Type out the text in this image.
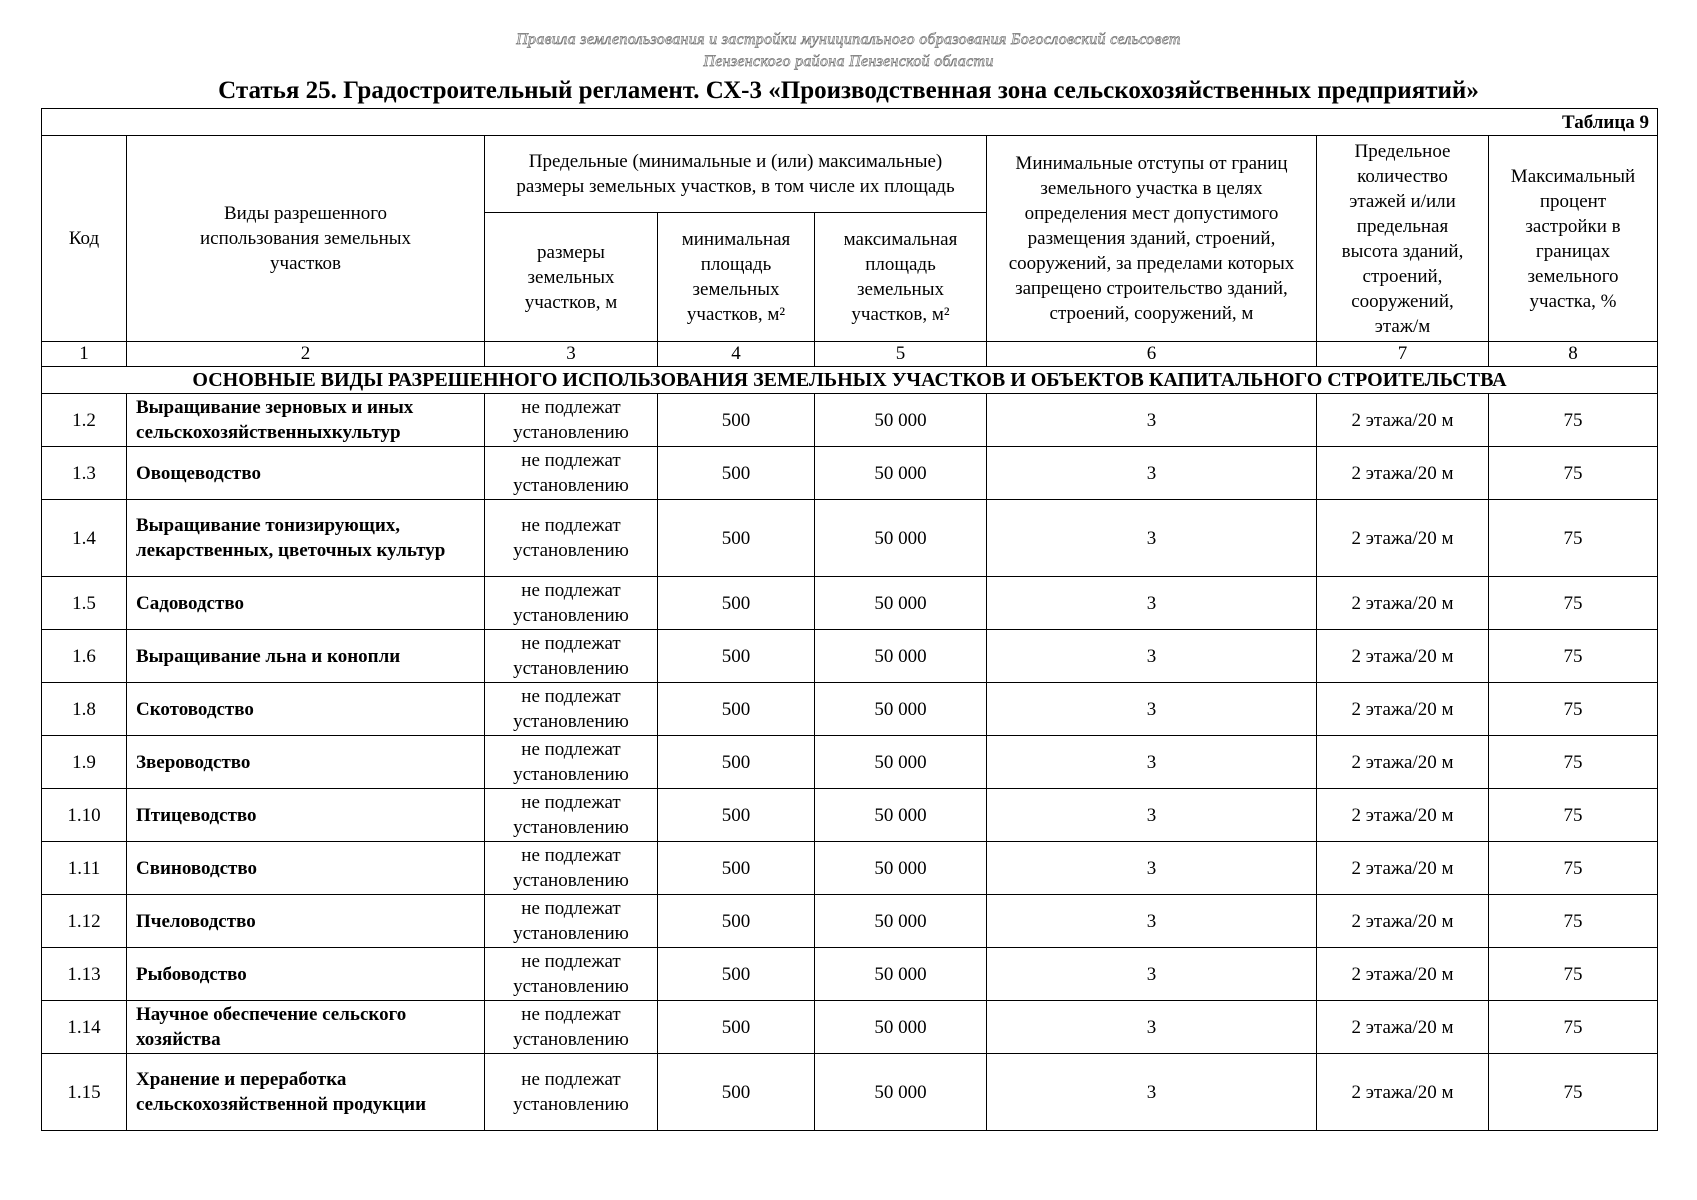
Правила землепользования и застройки муниципального образования Богословский сельсовет
Пензенского района Пензенской области
Статья 25. Градостроительный регламент. СХ-3 «Производственная зона сельскохозяйственных предприятий»
Таблица 9							
Код	Виды разрешенного использования земельных участков	Предельные (минимальные и (или) максимальные) размеры земельных участков, в том числе их площадь			Минимальные отступы от границ земельного участка в целях определения мест допустимого размещения зданий, строений, сооружений, за пределами которых запрещено строительство зданий, строений, сооружений, м	Предельное количество этажей и/или предельная высота зданий, строений, сооружений, этаж/м	Максимальный процент застройки в границах земельного участка, %
		размеры земельных участков, м	минимальная площадь земельных участков, м²	максимальная площадь земельных участков, м²			
1	2	3	4	5	6	7	8
ОСНОВНЫЕ ВИДЫ РАЗРЕШЕННОГО ИСПОЛЬЗОВАНИЯ ЗЕМЕЛЬНЫХ УЧАСТКОВ И ОБЪЕКТОВ КАПИТАЛЬНОГО СТРОИТЕЛЬСТВА							
1.2	Выращивание зерновых и иных сельскохозяйственныхкультур	не подлежат установлению	500	50 000	3	2 этажа/20 м	75
1.3	Овощеводство	не подлежат установлению	500	50 000	3	2 этажа/20 м	75
1.4	Выращивание тонизирующих, лекарственных, цветочных культур	не подлежат установлению	500	50 000	3	2 этажа/20 м	75
1.5	Садоводство	не подлежат установлению	500	50 000	3	2 этажа/20 м	75
1.6	Выращивание льна и конопли	не подлежат установлению	500	50 000	3	2 этажа/20 м	75
1.8	Скотоводство	не подлежат установлению	500	50 000	3	2 этажа/20 м	75
1.9	Звероводство	не подлежат установлению	500	50 000	3	2 этажа/20 м	75
1.10	Птицеводство	не подлежат установлению	500	50 000	3	2 этажа/20 м	75
1.11	Свиноводство	не подлежат установлению	500	50 000	3	2 этажа/20 м	75
1.12	Пчеловодство	не подлежат установлению	500	50 000	3	2 этажа/20 м	75
1.13	Рыбоводство	не подлежат установлению	500	50 000	3	2 этажа/20 м	75
1.14	Научное обеспечение сельского хозяйства	не подлежат установлению	500	50 000	3	2 этажа/20 м	75
1.15	Хранение и переработка сельскохозяйственной продукции	не подлежат установлению	500	50 000	3	2 этажа/20 м	75
